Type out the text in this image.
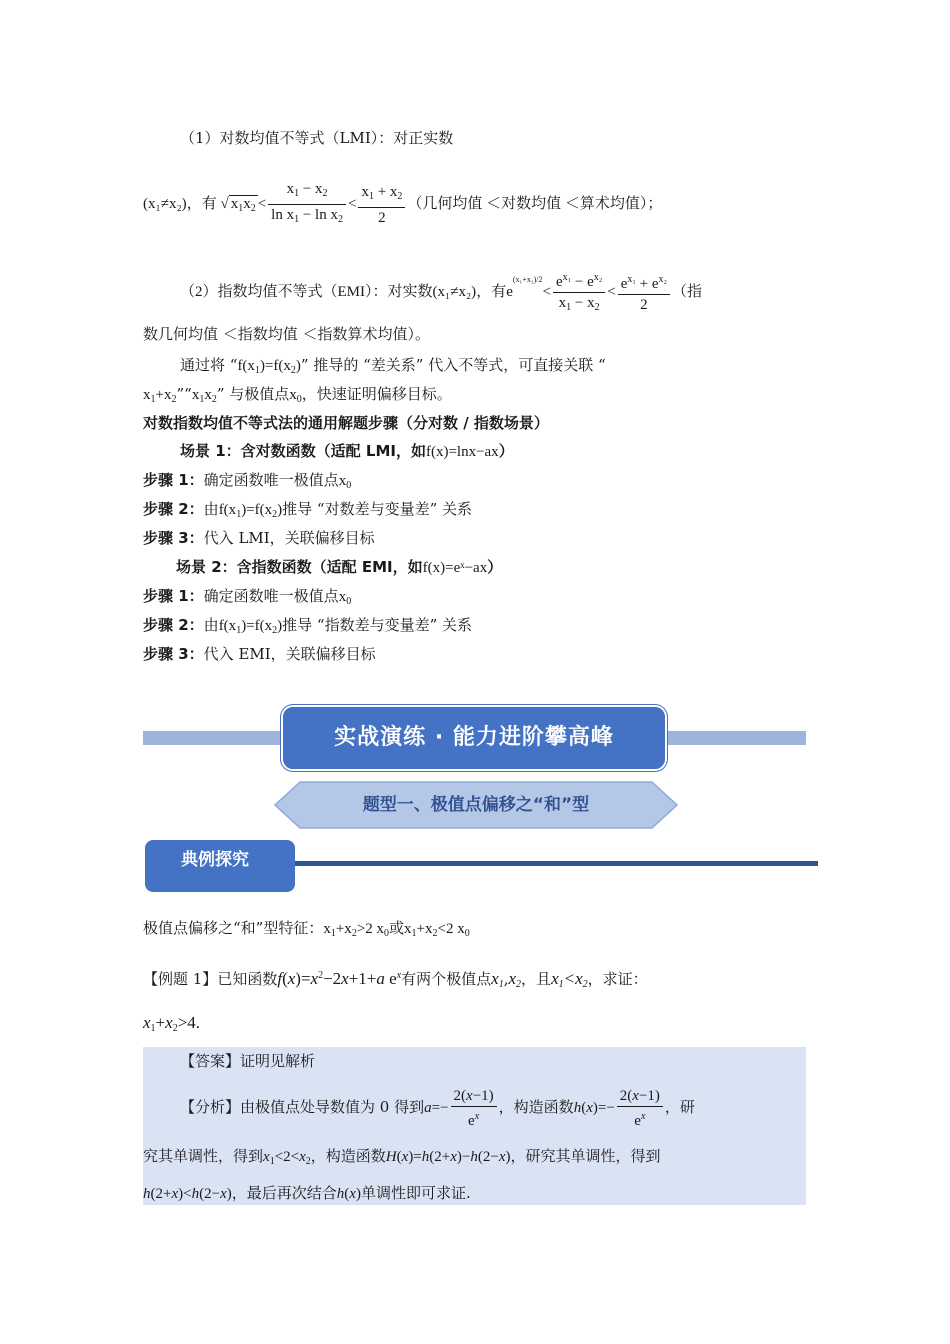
（1）对数均值不等式（LMI）：对正实数
(x₁≠x₂)，有 √ $x_1x_2 < \frac{x_1 - x_2}{\ln x_1 - \ln x_2} < \frac{x_1 + x_2}{2}$ （几何均值 ＜对数均值 ＜算术均值）；
（2）指数均值不等式（EMI）：对实数(x₁≠x₂)，有$e^{(x_1+x_2)/2}< \frac{e^{x_1} - e^{x_2}}{x_1 - x_2} < \frac{e^{x_1} + e^{x_2}}{2}$ （指
数几何均值 ＜指数均值 ＜指数算术均值）。
通过将 “$f(x_1)=f(x_2)$” 推导的 “差关系” 代入不等式，可直接关联 “
$x_1+x_2”“x_1x_2$” 与极值点$x_0$，快速证明偏移目标。
对数指数均值不等式法的通用解题步骤（分对数 / 指数场景）
场景 1：含对数函数（适配 LMI，如f(x)=lnx−ax）
步骤 1：确定函数唯一极值点$x_0$
步骤 2：由$f(x_1)=f(x_2)$推导 “对数差与变量差” 关系
步骤 3：代入 LMI，关联偏移目标
场景 2：含指数函数（适配 EMI，如f(x)=eˣ−ax）
步骤 1：确定函数唯一极值点$x_0$
步骤 2：由$f(x_1)=f(x_2)$推导 “指数差与变量差” 关系
步骤 3：代入 EMI，关联偏移目标
实战演练 · 能力进阶攀高峰
题型一、极值点偏移之“和”型
典例探究
极值点偏移之“和”型特征：$x_1+x_2>2$ $x_0$或$x_1+x_2<2$ $x_0$
【例题 1】已知函数$f(x)=x^2-2x+1+a$ $e^x$有两个极值点$x_1,x_2$，且$x_1<x_2$，求证：
$x_1+x_2>4$.
【答案】证明见解析
【分析】由极值点处导数值为 0 得到$a=- \frac{2(x-1)}{e^x}$ ，构造函数$h(x)=- \frac{2(x-1)}{e^x}$ ，研
究其单调性，得到$x_1<2<x_2$，构造函数H(x)=h(2+x)−h(2−x)，研究其单调性，得到
h(2+x)<h(2−x)，最后再次结合h(x)单调性即可求证.
